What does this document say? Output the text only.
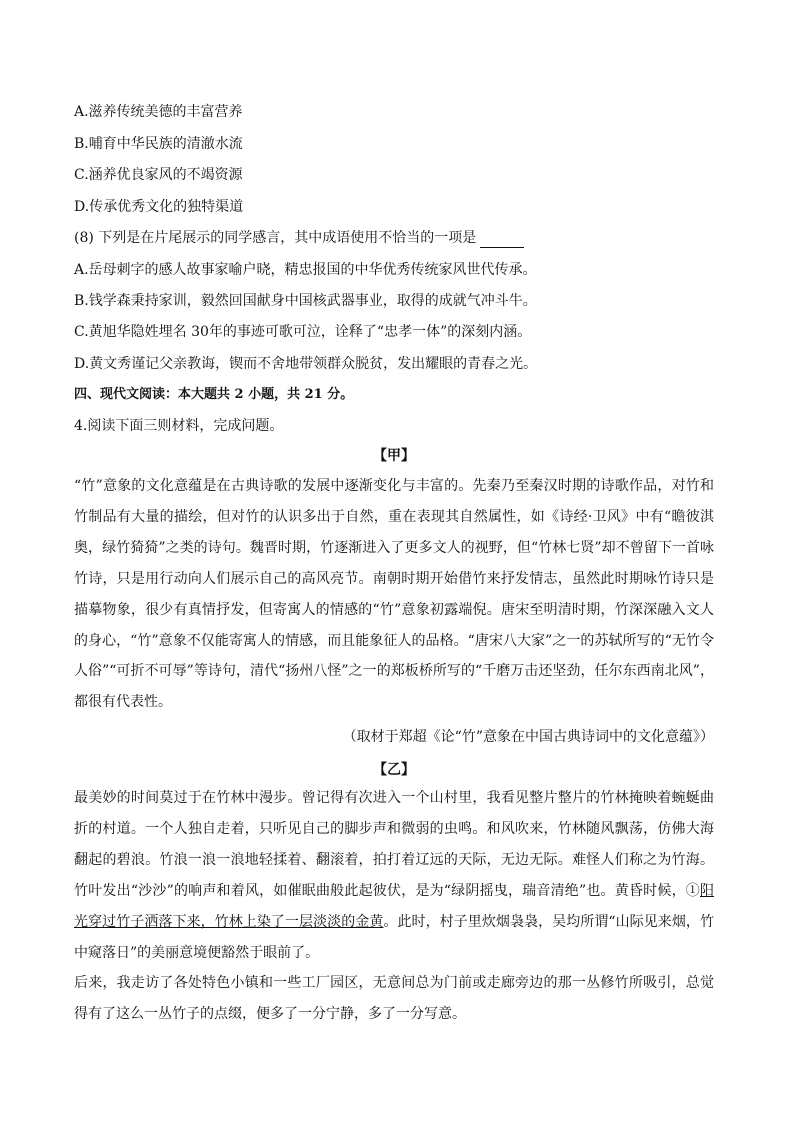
A.滋养传统美德的丰富营养
B.哺育中华民族的清澈水流
C.涵养优良家风的不竭资源
D.传承优秀文化的独特渠道
(8) 下列是在片尾展示的同学感言，其中成语使用不恰当的一项是
A.岳母刺字的感人故事家喻户晓，精忠报国的中华优秀传统家风世代传承。
B.钱学森秉持家训，毅然回国献身中国核武器事业，取得的成就气冲斗牛。
C.黄旭华隐姓埋名 30年的事迹可歌可泣，诠释了“忠孝一体”的深刻内涵。
D.黄文秀谨记父亲教诲，锲而不舍地带领群众脱贫，发出耀眼的青春之光。
四、现代文阅读：本大题共 2 小题，共 21 分。
4.阅读下面三则材料，完成问题。
【甲】

“竹”意象的文化意蕴是在古典诗歌的发展中逐渐变化与丰富的。先秦乃至秦汉时期的诗歌作品，对竹和竹制品有大量的描绘，但对竹的认识多出于自然，重在表现其自然属性，如《诗经·卫风》中有“瞻彼淇奥，绿竹猗猗”之类的诗句。魏晋时期，竹逐渐进入了更多文人的视野，但“竹林七贤”却不曾留下一首咏竹诗，只是用行动向人们展示自己的高风亮节。南朝时期开始借竹来抒发情志，虽然此时期咏竹诗只是描摹物象，很少有真情抒发，但寄寓人的情感的“竹”意象初露端倪。唐宋至明清时期，竹深深融入文人的身心，“竹”意象不仅能寄寓人的情感，而且能象征人的品格。“唐宋八大家”之一的苏轼所写的“无竹令人俗”“可折不可辱”等诗句，清代“扬州八怪”之一的郑板桥所写的“千磨万击还坚劲，任尔东西南北风”，都很有代表性。

（取材于郑超《论“竹”意象在中国古典诗词中的文化意蕴》）
【乙】

最美妙的时间莫过于在竹林中漫步。曾记得有次进入一个山村里，我看见整片整片的竹林掩映着蜿蜒曲折的村道。一个人独自走着，只听见自己的脚步声和微弱的虫鸣。和风吹来，竹林随风飘荡，仿佛大海翻起的碧浪。竹浪一浪一浪地轻揉着、翻滚着，拍打着辽远的天际，无边无际。难怪人们称之为竹海。竹叶发出“沙沙”的响声和着风，如催眠曲般此起彼伏，是为“绿阴摇曳，瑞音清绝”也。黄昏时候，①阳光穿过竹子洒落下来，竹林上染了一层淡淡的金黄。此时，村子里炊烟袅袅，吴均所谓“山际见来烟，竹中窥落日”的美丽意境便豁然于眼前了。

后来，我走访了各处特色小镇和一些工厂园区，无意间总为门前或走廊旁边的那一丛修竹所吸引，总觉得有了这么一丛竹子的点缀，便多了一分宁静，多了一分写意。
